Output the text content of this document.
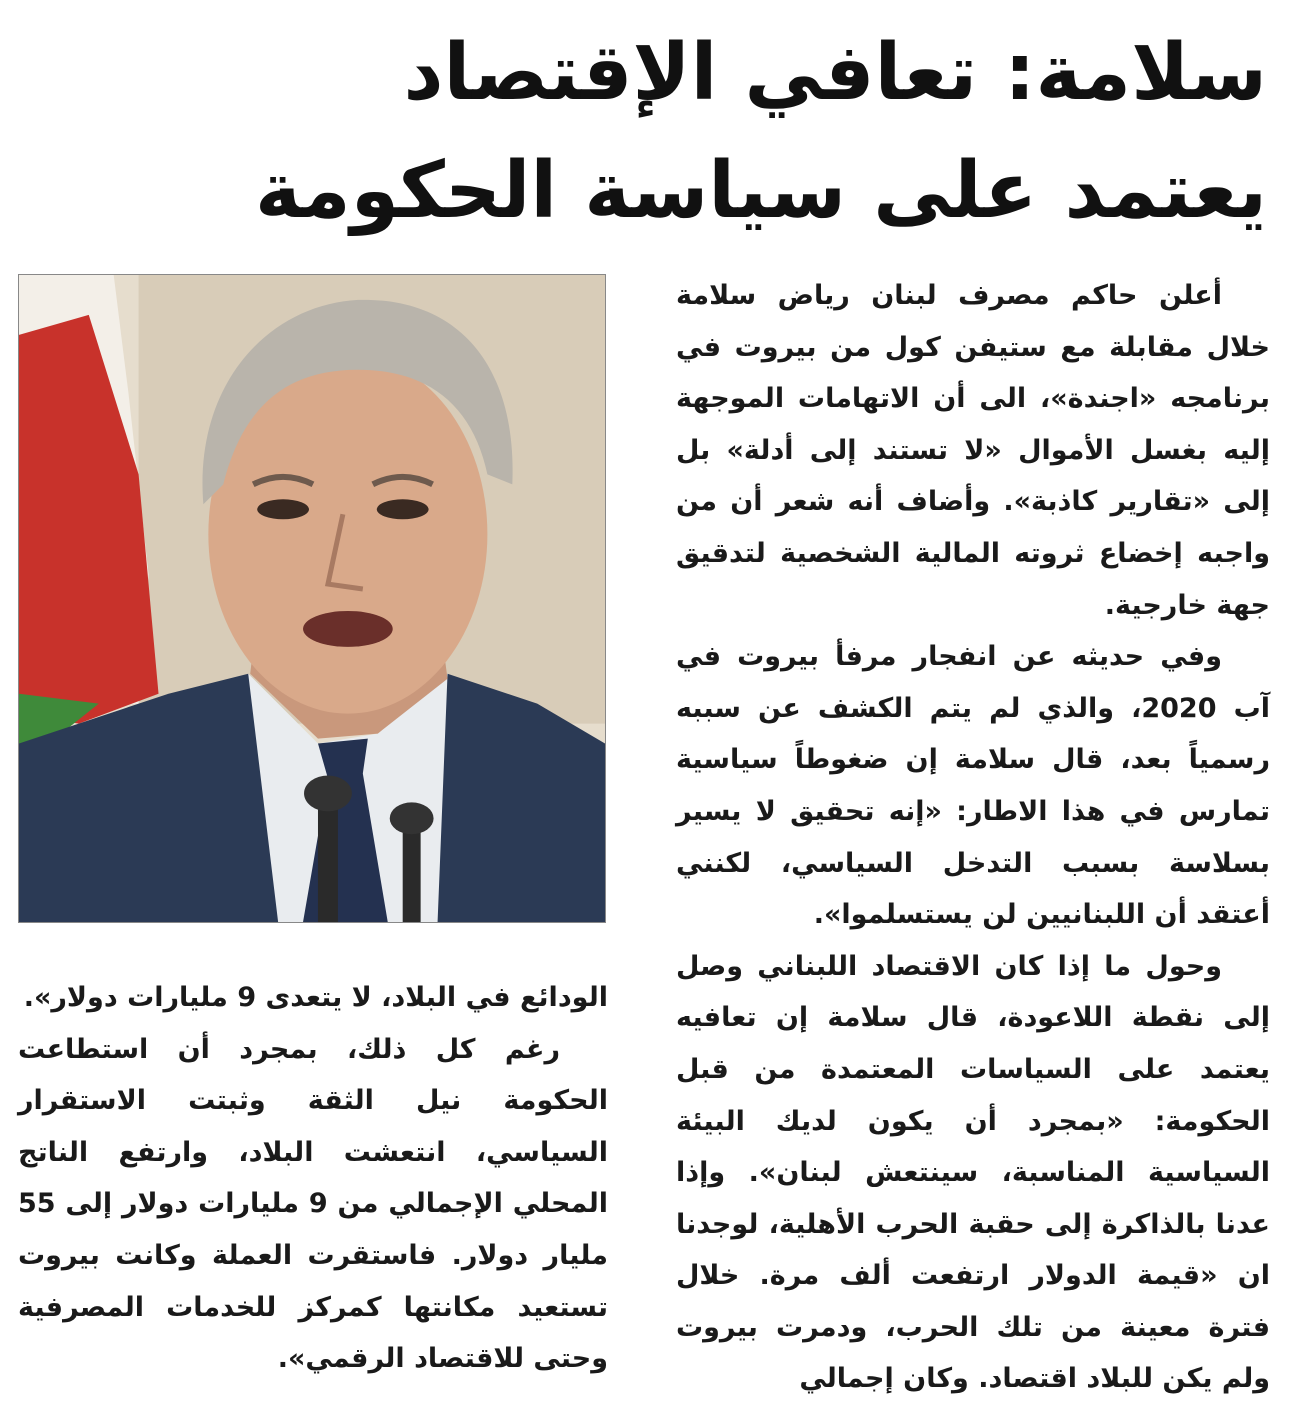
سلامة: تعافي الإقتصاد
يعتمد على سياسة الحكومة

أعلن حاكم مصرف لبنان رياض سلامة خلال مقابلة مع ستيفن كول من بيروت في برنامجه «اجندة»، الى أن الاتهامات الموجهة إليه بغسل الأموال «لا تستند إلى أدلة» بل إلى «تقارير كاذبة». وأضاف أنه شعر أن من واجبه إخضاع ثروته المالية الشخصية لتدقيق جهة خارجية.

وفي حديثه عن انفجار مرفأ بيروت في آب 2020، والذي لم يتم الكشف عن سببه رسمياً بعد، قال سلامة إن ضغوطاً سياسية تمارس في هذا الاطار: «إنه تحقيق لا يسير بسلاسة بسبب التدخل السياسي، لكنني أعتقد أن اللبنانيين لن يستسلموا».

وحول ما إذا كان الاقتصاد اللبناني وصل إلى نقطة اللاعودة، قال سلامة إن تعافيه يعتمد على السياسات المعتمدة من قبل الحكومة: «بمجرد أن يكون لديك البيئة السياسية المناسبة، سينتعش لبنان». وإذا عدنا بالذاكرة إلى حقبة الحرب الأهلية، لوجدنا ان «قيمة الدولار ارتفعت ألف مرة. خلال فترة معينة من تلك الحرب، ودمرت بيروت ولم يكن للبلاد اقتصاد. وكان إجمالي

الودائع في البلاد، لا يتعدى 9 مليارات دولار».

رغم كل ذلك، بمجرد أن استطاعت الحكومة نيل الثقة وثبتت الاستقرار السياسي، انتعشت البلاد، وارتفع الناتج المحلي الإجمالي من 9 مليارات دولار إلى 55 مليار دولار. فاستقرت العملة وكانت بيروت تستعيد مكانتها كمركز للخدمات المصرفية وحتى للاقتصاد الرقمي».
